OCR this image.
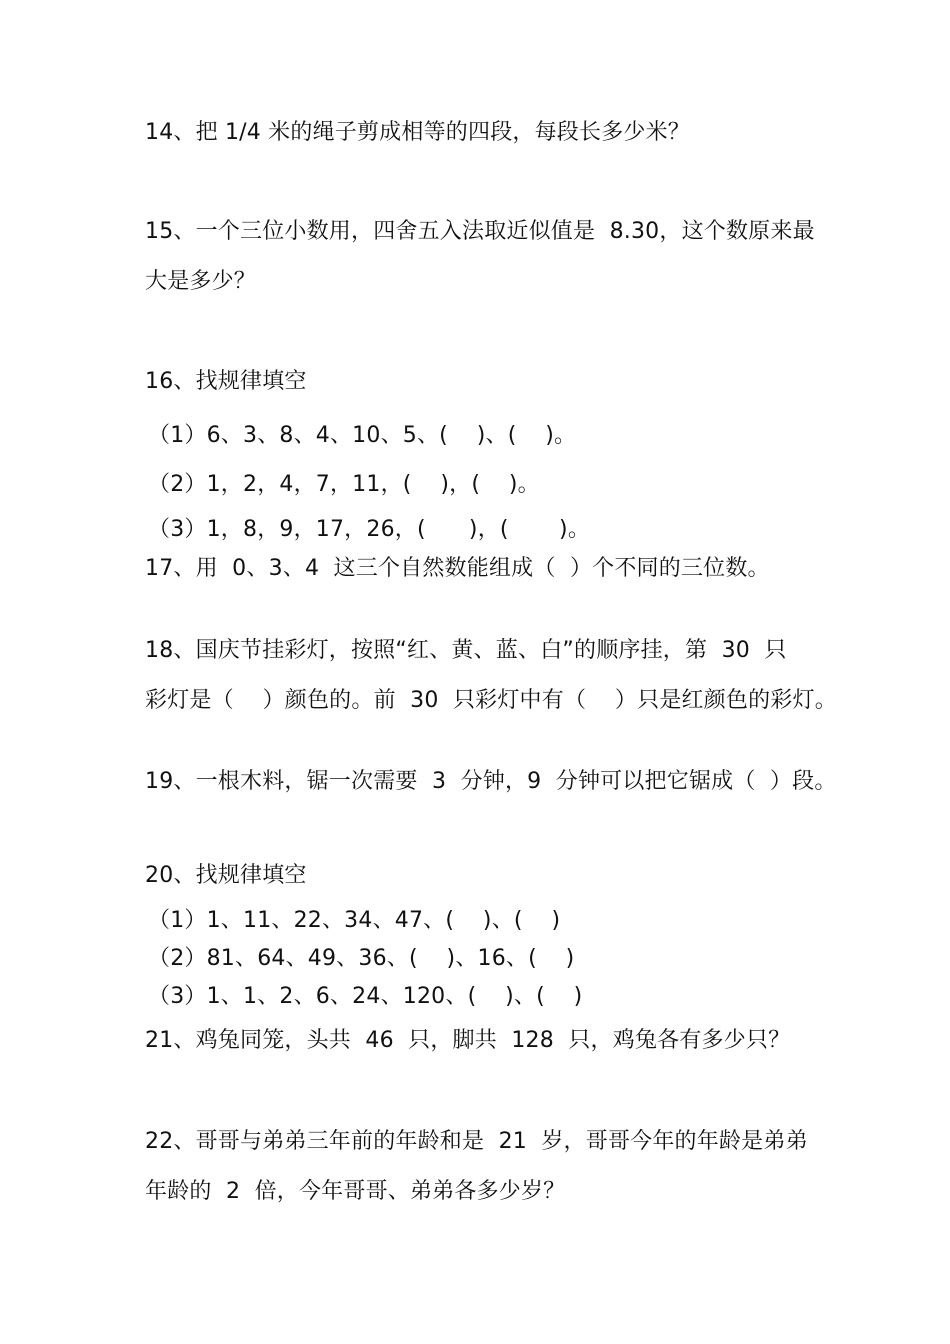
14、把 1/4 米的绳子剪成相等的四段，每段长多少米？
15、一个三位小数用，四舍五入法取近似值是  8.30，这个数原来最
大是多少？
16、找规律填空
（1）6、3、8、4、10、5、(    )、(    )。
（2）1，2，4，7，11，(    )，(    )。
（3）1，8，9，17，26，(      )，(       )。
17、用  0、3、4  这三个自然数能组成（  ）个不同的三位数。
18、国庆节挂彩灯，按照“红、黄、蓝、白”的顺序挂，第  30  只
彩灯是（    ）颜色的。前  30  只彩灯中有（    ）只是红颜色的彩灯。
19、一根木料，锯一次需要  3  分钟，9  分钟可以把它锯成（  ）段。
20、找规律填空
（1）1、11、22、34、47、(    )、(    )
（2）81、64、49、36、(    )、16、(    )
（3）1、1、2、6、24、120、(    )、(    )
21、鸡兔同笼，头共  46  只，脚共  128  只，鸡兔各有多少只？
22、哥哥与弟弟三年前的年龄和是  21  岁，哥哥今年的年龄是弟弟
年龄的  2  倍，今年哥哥、弟弟各多少岁？
